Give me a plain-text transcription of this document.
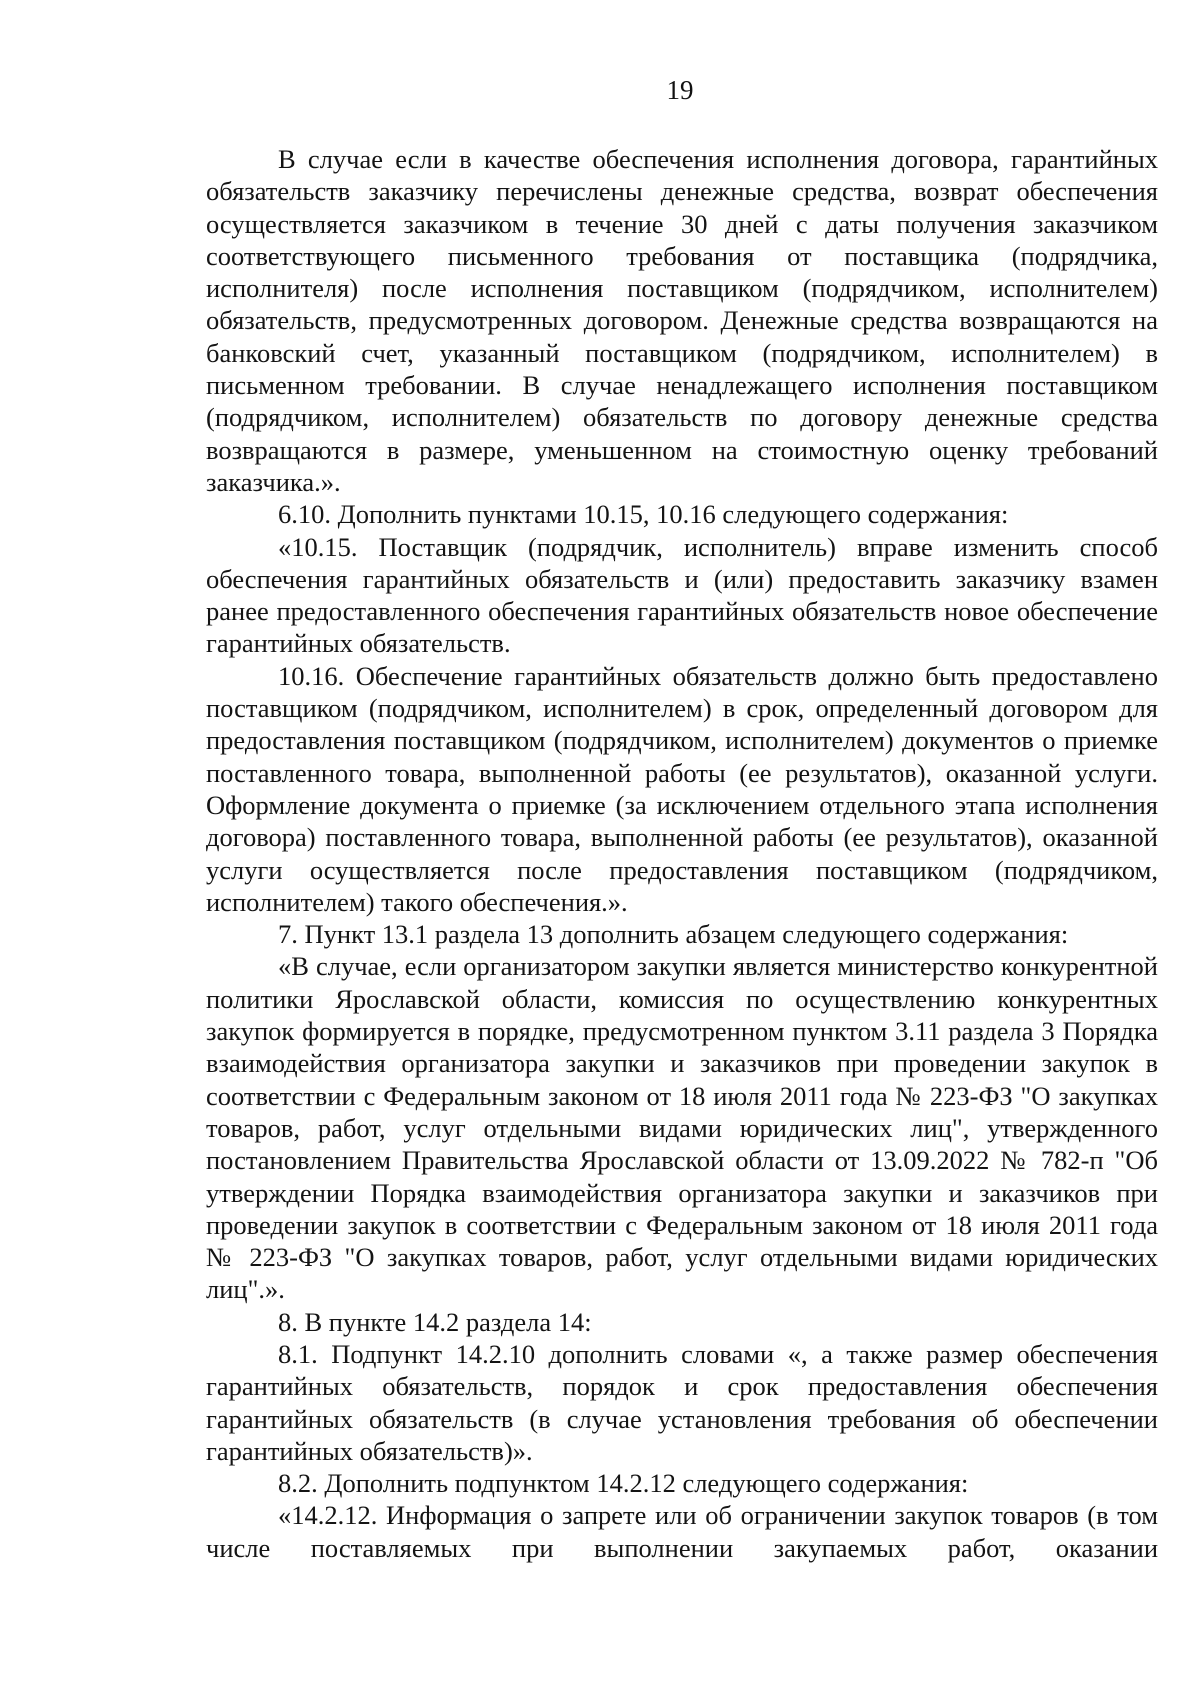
19

В случае если в качестве обеспечения исполнения договора, гарантийных обязательств заказчику перечислены денежные средства, возврат обеспечения осуществляется заказчиком в течение 30 дней с даты получения заказчиком соответствующего письменного требования от поставщика (подрядчика, исполнителя) после исполнения поставщиком (подрядчиком, исполнителем) обязательств, предусмотренных договором. Денежные средства возвращаются на банковский счет, указанный поставщиком (подрядчиком, исполнителем) в письменном требовании. В случае ненадлежащего исполнения поставщиком (подрядчиком, исполнителем) обязательств по договору денежные средства возвращаются в размере, уменьшенном на стоимостную оценку требований заказчика.».

6.10. Дополнить пунктами 10.15, 10.16 следующего содержания:

«10.15. Поставщик (подрядчик, исполнитель) вправе изменить способ обеспечения гарантийных обязательств и (или) предоставить заказчику взамен ранее предоставленного обеспечения гарантийных обязательств новое обеспечение гарантийных обязательств.

10.16. Обеспечение гарантийных обязательств должно быть предоставлено поставщиком (подрядчиком, исполнителем) в срок, определенный договором для предоставления поставщиком (подрядчиком, исполнителем) документов о приемке поставленного товара, выполненной работы (ее результатов), оказанной услуги. Оформление документа о приемке (за исключением отдельного этапа исполнения договора) поставленного товара, выполненной работы (ее результатов), оказанной услуги осуществляется после предоставления поставщиком (подрядчиком, исполнителем) такого обеспечения.».

7. Пункт 13.1 раздела 13 дополнить абзацем следующего содержания:

«В случае, если организатором закупки является министерство конкурентной политики Ярославской области, комиссия по осуществлению конкурентных закупок формируется в порядке, предусмотренном пунктом 3.11 раздела 3 Порядка взаимодействия организатора закупки и заказчиков при проведении закупок в соответствии с Федеральным законом от 18 июля 2011 года № 223-ФЗ "О закупках товаров, работ, услуг отдельными видами юридических лиц", утвержденного постановлением Правительства Ярославской области от 13.09.2022 № 782-п "Об утверждении Порядка взаимодействия организатора закупки и заказчиков при проведении закупок в соответствии с Федеральным законом от 18 июля 2011 года № 223-ФЗ "О закупках товаров, работ, услуг отдельными видами юридических лиц".».

8. В пункте 14.2 раздела 14:

8.1. Подпункт 14.2.10 дополнить словами «, а также размер обеспечения гарантийных обязательств, порядок и срок предоставления обеспечения гарантийных обязательств (в случае установления требования об обеспечении гарантийных обязательств)».

8.2. Дополнить подпунктом 14.2.12 следующего содержания:

«14.2.12. Информация о запрете или об ограничении закупок товаров (в том числе поставляемых при выполнении закупаемых работ, оказании
